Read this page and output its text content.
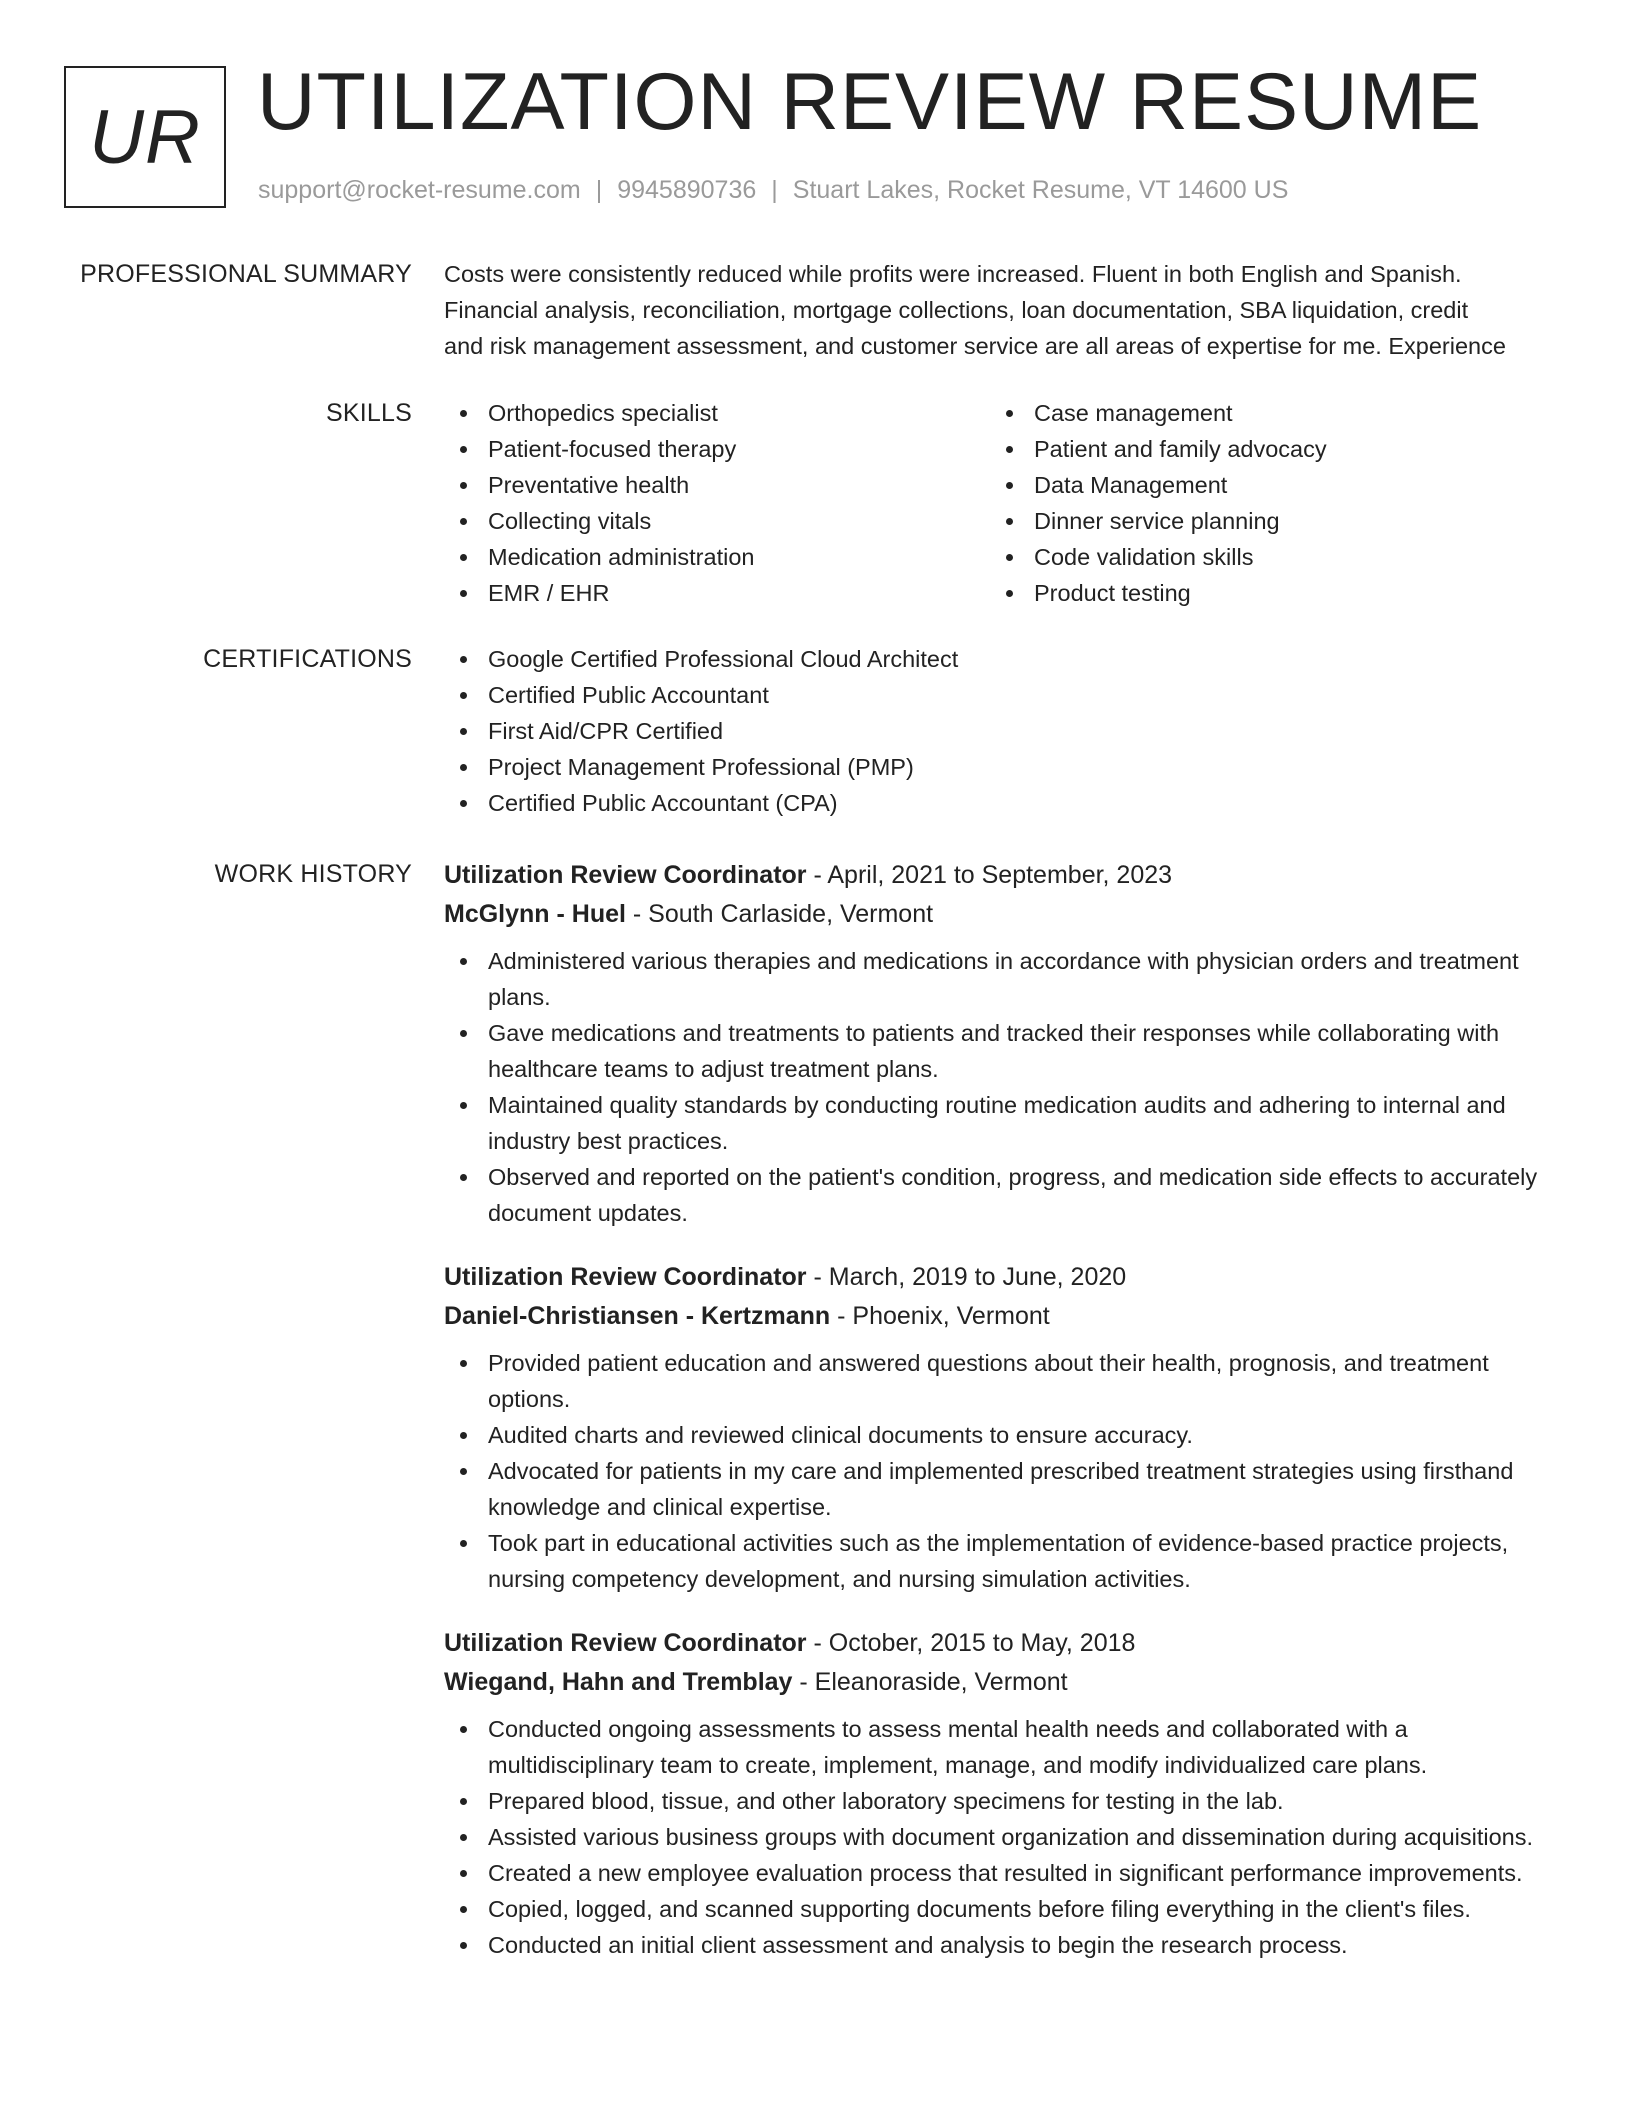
UR UTILIZATION REVIEW RESUME
support@rocket-resume.com | 9945890736 | Stuart Lakes, Rocket Resume, VT 14600 US
PROFESSIONAL SUMMARY Costs were consistently reduced while profits were increased. Fluent in both English and Spanish.
Financial analysis, reconciliation, mortgage collections, loan documentation, SBA liquidation, credit
and risk management assessment, and customer service are all areas of expertise for me. Experience
SKILLS	Orthopedics specialist
Patient-focused therapy
Preventative health
Collecting vitals
Medication administration
EMR / EHR
Case management
Patient and family advocacy
Data Management
Dinner service planning
Code validation skills
Product testing
CERTIFICATIONS	Google Certified Professional Cloud Architect
Certified Public Accountant
First Aid/CPR Certified
Project Management Professional (PMP)
Certified Public Accountant (CPA)
WORK HISTORY Utilization Review Coordinator - April, 2021 to September, 2023
McGlynn - Huel - South Carlaside, Vermont
Administered various therapies and medications in accordance with physician orders and treatment plans.
Gave medications and treatments to patients and tracked their responses while collaborating with healthcare teams to adjust treatment plans.
Maintained quality standards by conducting routine medication audits and adhering to internal and industry best practices.
Observed and reported on the patient's condition, progress, and medication side effects to accurately document updates.
Utilization Review Coordinator - March, 2019 to June, 2020
Daniel-Christiansen - Kertzmann - Phoenix, Vermont
Provided patient education and answered questions about their health, prognosis, and treatment options.
Audited charts and reviewed clinical documents to ensure accuracy.
Advocated for patients in my care and implemented prescribed treatment strategies using firsthand knowledge and clinical expertise.
Took part in educational activities such as the implementation of evidence-based practice projects, nursing competency development, and nursing simulation activities.
Utilization Review Coordinator - October, 2015 to May, 2018
Wiegand, Hahn and Tremblay - Eleanoraside, Vermont
Conducted ongoing assessments to assess mental health needs and collaborated with a multidisciplinary team to create, implement, manage, and modify individualized care plans.
Prepared blood, tissue, and other laboratory specimens for testing in the lab.
Assisted various business groups with document organization and dissemination during acquisitions.
Created a new employee evaluation process that resulted in significant performance improvements.
Copied, logged, and scanned supporting documents before filing everything in the client's files.
Conducted an initial client assessment and analysis to begin the research process.
